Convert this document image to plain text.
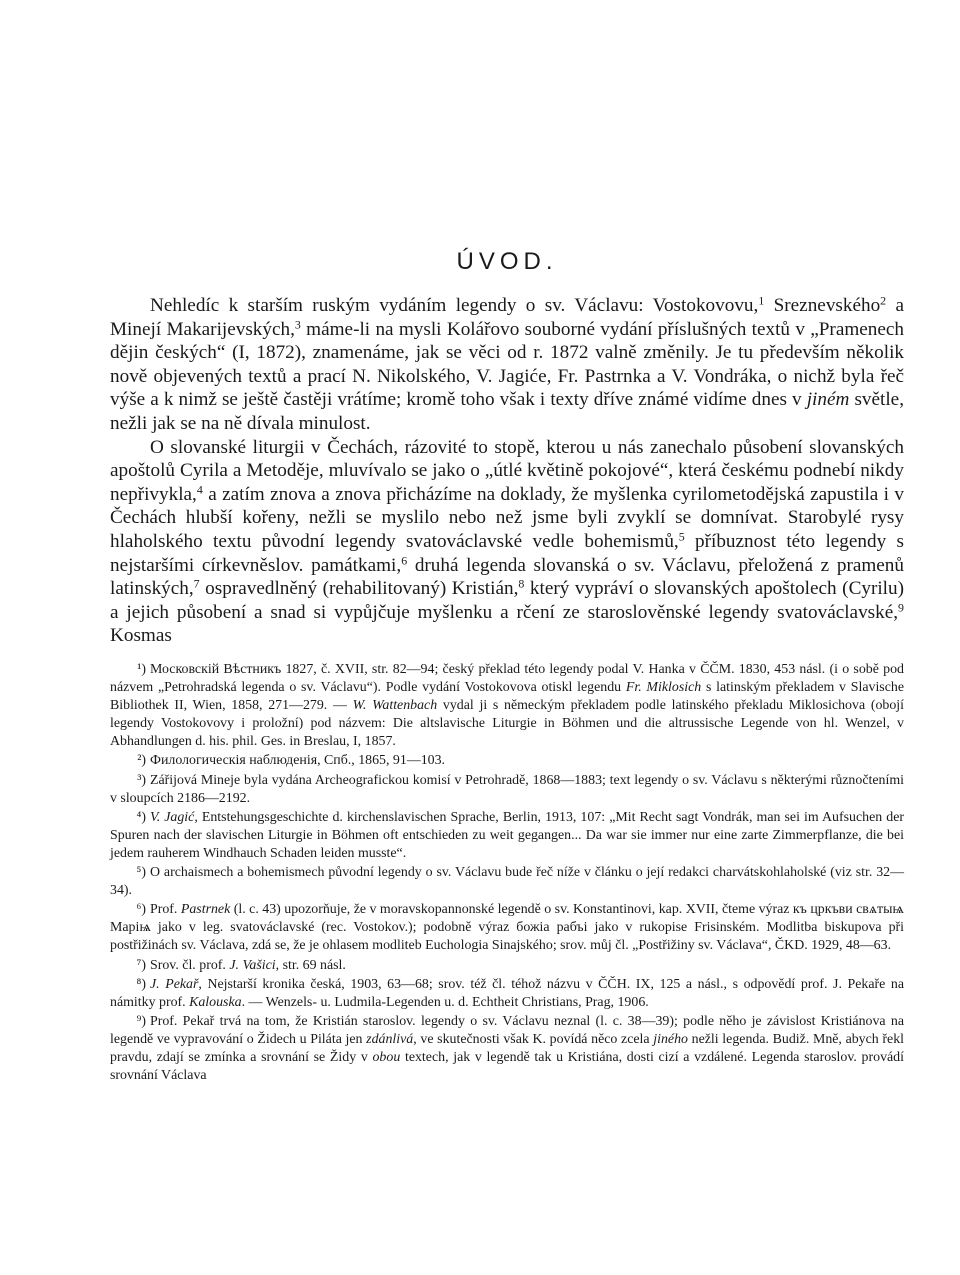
ÚVOD.

Nehledíc k starším ruským vydáním legendy o sv. Václavu: Vostokovovu,$^1$ Sreznevského$^2$ a Minejí Makarijevských,$^3$ máme-li na mysli Kolářovo souborné vydání příslušných textů v „Pramenech dějin českých“ (I, 1872), znamenáme, jak se věci od r. 1872 valně změnily. Je tu především několik nově objevených textů a prací N. Nikolského, V. Jagiće, Fr. Pastrnka a V. Vondráka, o nichž byla řeč výše a k nimž se ještě častěji vrátíme; kromě toho však i texty dříve známé vidíme dnes v jiném světle, nežli jak se na ně dívala minulost.

O slovanské liturgii v Čechách, rázovité to stopě, kterou u nás zanechalo působení slovanských apoštolů Cyrila a Metoděje, mluvívalo se jako o „útlé květině pokojové“, která českému podnebí nikdy nepřivykla,$^4$ a zatím znova a znova přicházíme na doklady, že myšlenka cyrilometodějská zapustila i v Čechách hlubší kořeny, nežli se myslilo nebo než jsme byli zvyklí se domnívat. Starobylé rysy hlaholského textu původní legendy svatováclavské vedle bohemismů,$^5$ příbuznost této legendy s nejstaršími církevněslov. památkami,$^6$ druhá legenda slovanská o sv. Václavu, přeložená z pramenů latinských,$^7$ ospravedlněný (rehabilitovaný) Kristián,$^8$ který vypráví o slovanských apoštolech (Cyrilu) a jejich působení a snad si vypůjčuje myšlenku a rčení ze staroslověnské legendy svatováclavské,$^9$ Kosmas

¹) Московскій Вѣстникъ 1827, č. XVII, str. 82—94; český překlad této legendy podal V. Hanka v ČČM. 1830, 453 násl. (i o sobě pod názvem „Petrohradská legenda o sv. Václavu“). Podle vydání Vostokovova otiskl legendu Fr. Miklosich s latinským překladem v Slavische Bibliothek II, Wien, 1858, 271—279. — W. Wattenbach vydal ji s německým překladem podle latinského překladu Miklosichova (obojí legendy Vostokovovy i proložní) pod názvem: Die altslavische Liturgie in Böhmen und die altrussische Legende von hl. Wenzel, v Abhandlungen d. his. phil. Ges. in Breslau, I, 1857.

²) Филологическія наблюденія, Спб., 1865, 91—103.

³) Zářijová Mineje byla vydána Archeografickou komisí v Petrohradě, 1868—1883; text legendy o sv. Václavu s některými různočteními v sloupcích 2186—2192.

⁴) V. Jagić, Entstehungsgeschichte d. kirchenslavischen Sprache, Berlin, 1913, 107: „Mit Recht sagt Vondrák, man sei im Aufsuchen der Spuren nach der slavischen Liturgie in Böhmen oft entschieden zu weit gegangen... Da war sie immer nur eine zarte Zimmerpflanze, die bei jedem rauherem Windhauch Schaden leiden musste“.

⁵) O archaismech a bohemismech původní legendy o sv. Václavu bude řeč níže v článku o její redakci charvátskohlaholské (viz str. 32—34).

⁶) Prof. Pastrnek (l. c. 43) upozorňuje, že v moravskopannonské legendě o sv. Konstantinovi, kap. XVII, čteme výraz къ цркъви свѧтыѩ Маріѩ jako v leg. svatováclavské (rec. Vostokov.); podobně výraz божіа рабъі jako v rukopise Frisinském. Modlitba biskupova při postřižinách sv. Václava, zdá se, že je ohlasem modliteb Euchologia Sinajského; srov. můj čl. „Postřižiny sv. Václava“, ČKD. 1929, 48—63.

⁷) Srov. čl. prof. J. Vašici, str. 69 násl.

⁸) J. Pekař, Nejstarší kronika česká, 1903, 63—68; srov. též čl. téhož názvu v ČČH. IX, 125 a násl., s odpovědí prof. J. Pekaře na námitky prof. Kalouska. — Wenzels- u. Ludmila-Legenden u. d. Echtheit Christians, Prag, 1906.

⁹) Prof. Pekař trvá na tom, že Kristián staroslov. legendy o sv. Václavu neznal (l. c. 38—39); podle něho je závislost Kristiánova na legendě ve vypravování o Židech u Piláta jen zdánlivá, ve skutečnosti však K. povídá něco zcela jiného nežli legenda. Budiž. Mně, abych řekl pravdu, zdají se zmínka a srovnání se Židy v obou textech, jak v legendě tak u Kristiána, dosti cizí a vzdálené. Legenda staroslov. provádí srovnání Václava
